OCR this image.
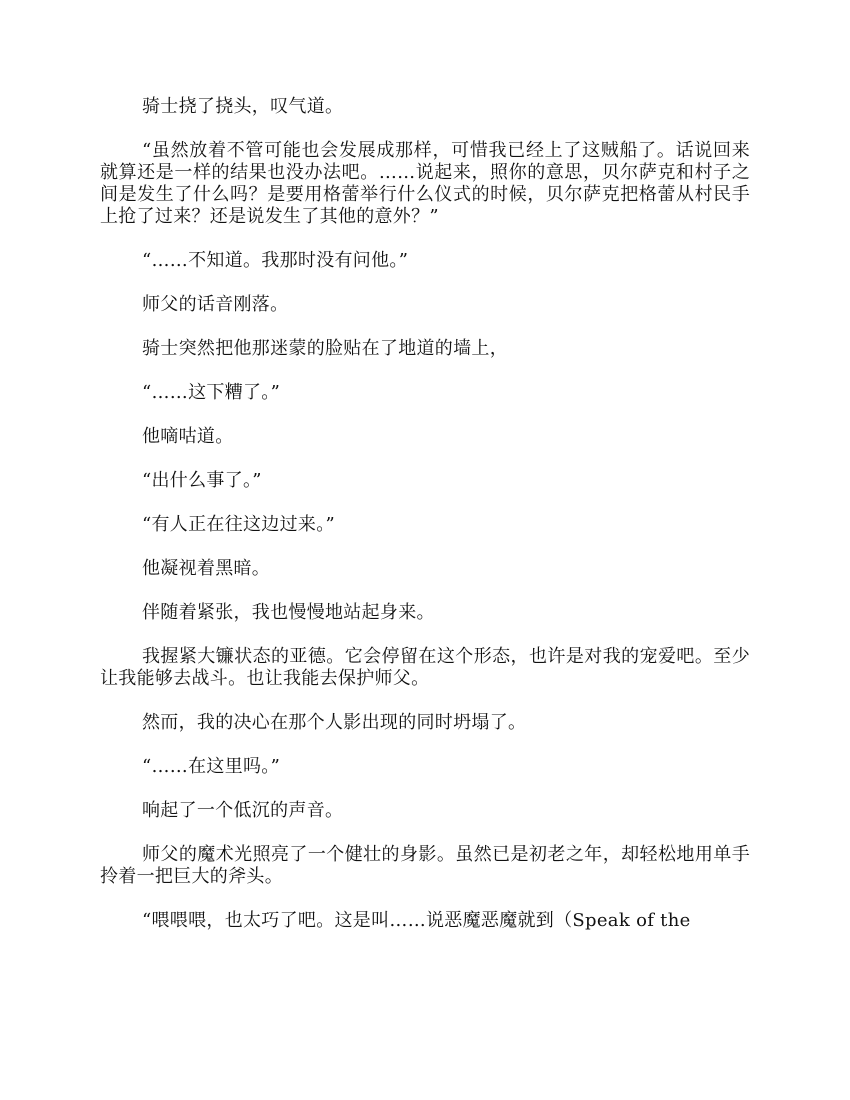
骑士挠了挠头，叹气道。

“虽然放着不管可能也会发展成那样，可惜我已经上了这贼船了。话说回来就算还是一样的结果也没办法吧。……说起来，照你的意思，贝尔萨克和村子之间是发生了什么吗？是要用格蕾举行什么仪式的时候，贝尔萨克把格蕾从村民手上抢了过来？还是说发生了其他的意外？”

“……不知道。我那时没有问他。”

师父的话音刚落。

骑士突然把他那迷蒙的脸贴在了地道的墙上，

“……这下糟了。”

他嘀咕道。

“出什么事了。”

“有人正在往这边过来。”

他凝视着黑暗。

伴随着紧张，我也慢慢地站起身来。

我握紧大镰状态的亚德。它会停留在这个形态，也许是对我的宠爱吧。至少让我能够去战斗。也让我能去保护师父。

然而，我的决心在那个人影出现的同时坍塌了。

“……在这里吗。”

响起了一个低沉的声音。

师父的魔术光照亮了一个健壮的身影。虽然已是初老之年，却轻松地用单手拎着一把巨大的斧头。

“喂喂喂，也太巧了吧。这是叫……说恶魔恶魔就到（Speak of the
